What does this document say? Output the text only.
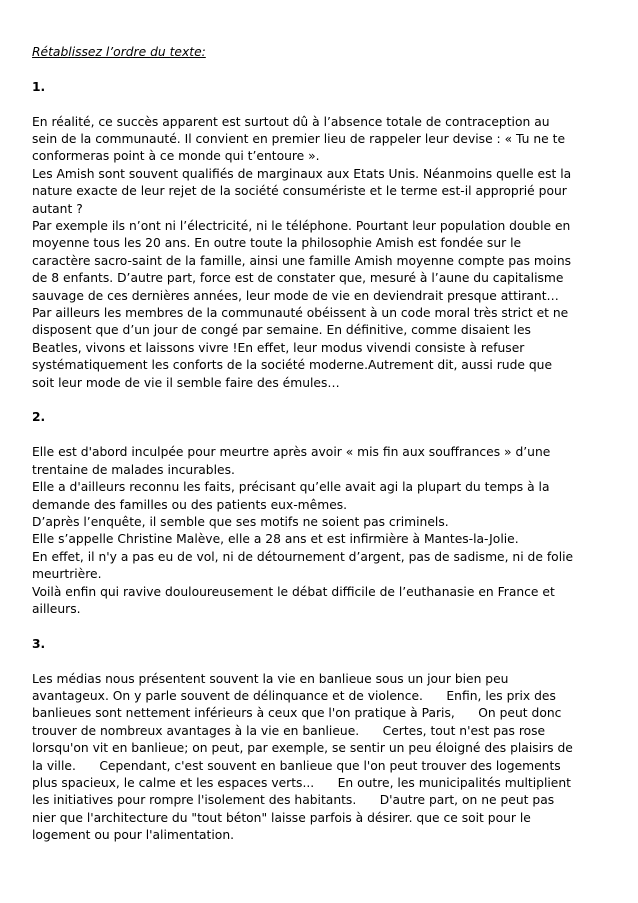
Rétablissez l’ordre du texte:

1.

En réalité, ce succès apparent est surtout dû à l’absence totale de contraception au

sein de la communauté. Il convient en premier lieu de rappeler leur devise : « Tu ne te

conformeras point à ce monde qui t’entoure ».

Les Amish sont souvent qualifiés de marginaux aux Etats Unis. Néanmoins quelle est la

nature exacte de leur rejet de la société consumériste et le terme est-il approprié pour

autant ?

Par exemple ils n’ont ni l’électricité, ni le téléphone. Pourtant leur population double en

moyenne tous les 20 ans. En outre toute la philosophie Amish est fondée sur le

caractère sacro-saint de la famille, ainsi une famille Amish moyenne compte pas moins

de 8 enfants. D’autre part, force est de constater que, mesuré à l’aune du capitalisme

sauvage de ces dernières années, leur mode de vie en deviendrait presque attirant…

Par ailleurs les membres de la communauté obéissent à un code moral très strict et ne

disposent que d’un jour de congé par semaine. En définitive, comme disaient les

Beatles, vivons et laissons vivre !En effet, leur modus vivendi consiste à refuser

systématiquement les conforts de la société moderne.Autrement dit, aussi rude que

soit leur mode de vie il semble faire des émules…

2.

Elle est d'abord inculpée pour meurtre après avoir « mis fin aux souffrances » d’une

trentaine de malades incurables.

Elle a d'ailleurs reconnu les faits, précisant qu’elle avait agi la plupart du temps à la

demande des familles ou des patients eux-mêmes.

D’après l’enquête, il semble que ses motifs ne soient pas criminels.

Elle s’appelle Christine Malève, elle a 28 ans et est infirmière à Mantes-la-Jolie.

En effet, il n'y a pas eu de vol, ni de détournement d’argent, pas de sadisme, ni de folie

meurtrière.

Voilà enfin qui ravive douloureusement le débat difficile de l’euthanasie en France et

ailleurs.

3.

Les médias nous présentent souvent la vie en banlieue sous un jour bien peu

avantageux. On y parle souvent de délinquance et de violence.      Enfin, les prix des

banlieues sont nettement inférieurs à ceux que l'on pratique à Paris,      On peut donc

trouver de nombreux avantages à la vie en banlieue.      Certes, tout n'est pas rose

lorsqu'on vit en banlieue; on peut, par exemple, se sentir un peu éloigné des plaisirs de

la ville.      Cependant, c'est souvent en banlieue que l'on peut trouver des logements

plus spacieux, le calme et les espaces verts...      En outre, les municipalités multiplient

les initiatives pour rompre l'isolement des habitants.      D'autre part, on ne peut pas

nier que l'architecture du "tout béton" laisse parfois à désirer. que ce soit pour le

logement ou pour l'alimentation.
